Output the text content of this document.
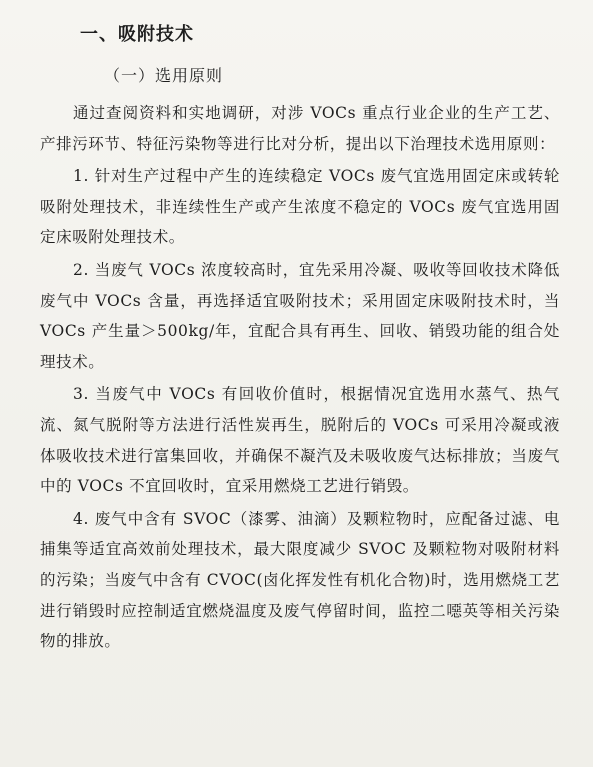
一、吸附技术
（一）选用原则

通过查阅资料和实地调研，对涉 VOCs 重点行业企业的生产工艺、产排污环节、特征污染物等进行比对分析，提出以下治理技术选用原则：

1. 针对生产过程中产生的连续稳定 VOCs 废气宜选用固定床或转轮吸附处理技术，非连续性生产或产生浓度不稳定的 VOCs 废气宜选用固定床吸附处理技术。

2. 当废气 VOCs 浓度较高时，宜先采用冷凝、吸收等回收技术降低废气中 VOCs 含量，再选择适宜吸附技术；采用固定床吸附技术时，当 VOCs 产生量＞500kg/年，宜配合具有再生、回收、销毁功能的组合处理技术。

3. 当废气中 VOCs 有回收价值时，根据情况宜选用水蒸气、热气流、氮气脱附等方法进行活性炭再生，脱附后的 VOCs 可采用冷凝或液体吸收技术进行富集回收，并确保不凝汽及未吸收废气达标排放；当废气中的 VOCs 不宜回收时，宜采用燃烧工艺进行销毁。

4. 废气中含有 SVOC（漆雾、油滴）及颗粒物时，应配备过滤、电捕集等适宜高效前处理技术，最大限度减少 SVOC 及颗粒物对吸附材料的污染；当废气中含有 CVOC(卤化挥发性有机化合物)时，选用燃烧工艺进行销毁时应控制适宜燃烧温度及废气停留时间，监控二噁英等相关污染物的排放。
